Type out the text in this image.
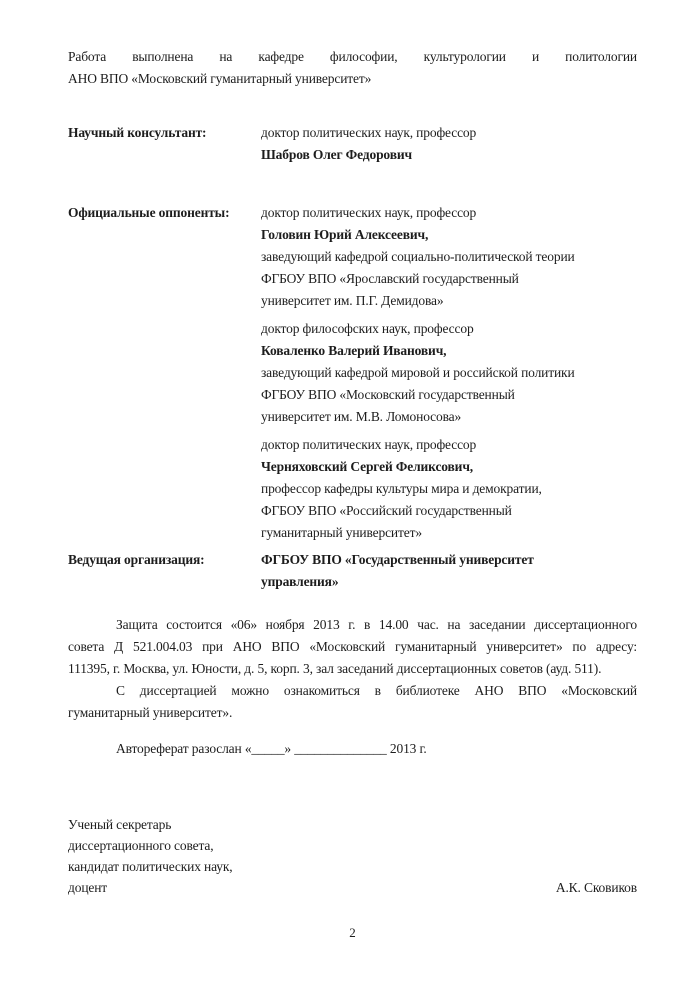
Работа выполнена на кафедре философии, культурологии и политологии
АНО ВПО «Московский гуманитарный университет»
Научный консультант:	доктор политических наук, профессор
Шабров Олег Федорович
Официальные оппоненты:	доктор политических наук, профессор
Головин Юрий Алексеевич,
заведующий кафедрой социально-политической теории
ФГБОУ ВПО «Ярославский государственный
университет им. П.Г. Демидова»
доктор философских наук, профессор
Коваленко Валерий Иванович,
заведующий кафедрой мировой и российской политики
ФГБОУ ВПО «Московский государственный
университет им. М.В. Ломоносова»
доктор политических наук, профессор
Черняховский Сергей Феликсович,
профессор кафедры культуры мира и демократии,
ФГБОУ ВПО «Российский государственный
гуманитарный университет»
Ведущая организация:	ФГБОУ ВПО «Государственный университет
управления»
Защита состоится «06» ноября 2013 г. в 14.00 час. на заседании диссертационного
совета Д 521.004.03 при АНО ВПО «Московский гуманитарный университет» по адресу:
111395, г. Москва, ул. Юности, д. 5, корп. 3, зал заседаний диссертационных советов (ауд. 511).
С диссертацией можно ознакомиться в библиотеке АНО ВПО «Московский
гуманитарный университет».
Автореферат разослан «_____» ______________ 2013 г.
Ученый секретарь
диссертационного совета,
кандидат политических наук,
доцент	А.К. Сковиков
2
